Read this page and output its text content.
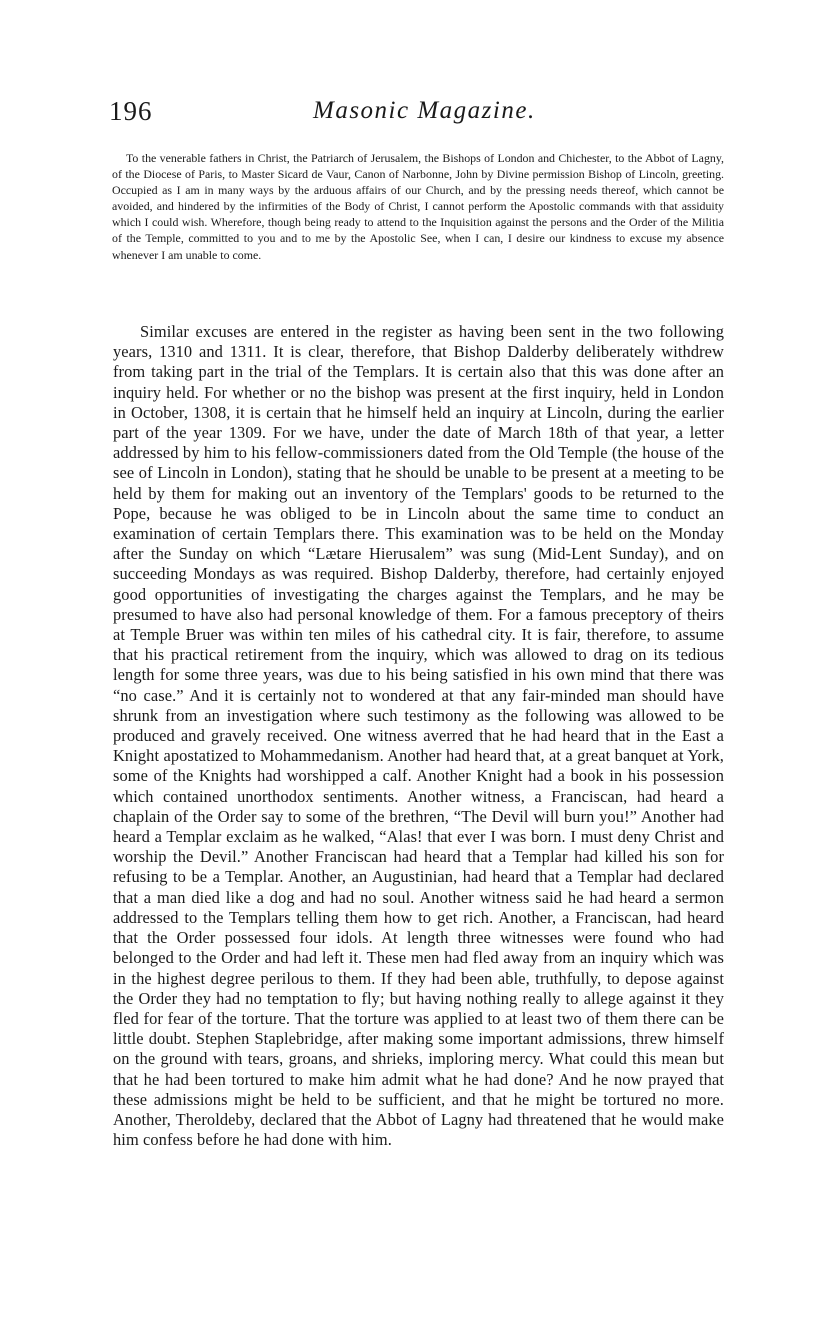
196	Masonic Magazine.

To the venerable fathers in Christ, the Patriarch of Jerusalem, the Bishops of London and Chichester, to the Abbot of Lagny, of the Diocese of Paris, to Master Sicard de Vaur, Canon of Narbonne, John by Divine permission Bishop of Lincoln, greeting. Occupied as I am in many ways by the arduous affairs of our Church, and by the pressing needs thereof, which cannot be avoided, and hindered by the infirmities of the Body of Christ, I cannot perform the Apostolic commands with that assiduity which I could wish. Wherefore, though being ready to attend to the Inquisition against the persons and the Order of the Militia of the Temple, committed to you and to me by the Apostolic See, when I can, I desire our kindness to excuse my absence whenever I am unable to come.

Similar excuses are entered in the register as having been sent in the two following years, 1310 and 1311. It is clear, therefore, that Bishop Dalderby deliberately withdrew from taking part in the trial of the Templars. It is certain also that this was done after an inquiry held. For whether or no the bishop was present at the first inquiry, held in London in October, 1308, it is certain that he himself held an inquiry at Lincoln, during the earlier part of the year 1309. For we have, under the date of March 18th of that year, a letter addressed by him to his fellow-commissioners dated from the Old Temple (the house of the see of Lincoln in London), stating that he should be unable to be present at a meeting to be held by them for making out an inventory of the Templars' goods to be returned to the Pope, because he was obliged to be in Lincoln about the same time to conduct an examination of certain Templars there. This examination was to be held on the Monday after the Sunday on which “Lætare Hierusalem” was sung (Mid-Lent Sunday), and on succeeding Mondays as was required. Bishop Dalderby, therefore, had certainly enjoyed good opportunities of investigating the charges against the Templars, and he may be presumed to have also had personal knowledge of them. For a famous preceptory of theirs at Temple Bruer was within ten miles of his cathedral city. It is fair, therefore, to assume that his practical retirement from the inquiry, which was allowed to drag on its tedious length for some three years, was due to his being satisfied in his own mind that there was “no case.” And it is certainly not to wondered at that any fair-minded man should have shrunk from an investigation where such testimony as the following was allowed to be produced and gravely received. One witness averred that he had heard that in the East a Knight apostatized to Mohammedanism. Another had heard that, at a great banquet at York, some of the Knights had worshipped a calf. Another Knight had a book in his possession which contained unorthodox sentiments. Another witness, a Franciscan, had heard a chaplain of the Order say to some of the brethren, “The Devil will burn you!” Another had heard a Templar exclaim as he walked, “Alas! that ever I was born. I must deny Christ and worship the Devil.” Another Franciscan had heard that a Templar had killed his son for refusing to be a Templar. Another, an Augustinian, had heard that a Templar had declared that a man died like a dog and had no soul. Another witness said he had heard a sermon addressed to the Templars telling them how to get rich. Another, a Franciscan, had heard that the Order possessed four idols. At length three witnesses were found who had belonged to the Order and had left it. These men had fled away from an inquiry which was in the highest degree perilous to them. If they had been able, truthfully, to depose against the Order they had no temptation to fly; but having nothing really to allege against it they fled for fear of the torture. That the torture was applied to at least two of them there can be little doubt. Stephen Staplebridge, after making some important admissions, threw himself on the ground with tears, groans, and shrieks, imploring mercy. What could this mean but that he had been tortured to make him admit what he had done? And he now prayed that these admissions might be held to be sufficient, and that he might be tortured no more. Another, Theroldeby, declared that the Abbot of Lagny had threatened that he would make him confess before he had done with him.
